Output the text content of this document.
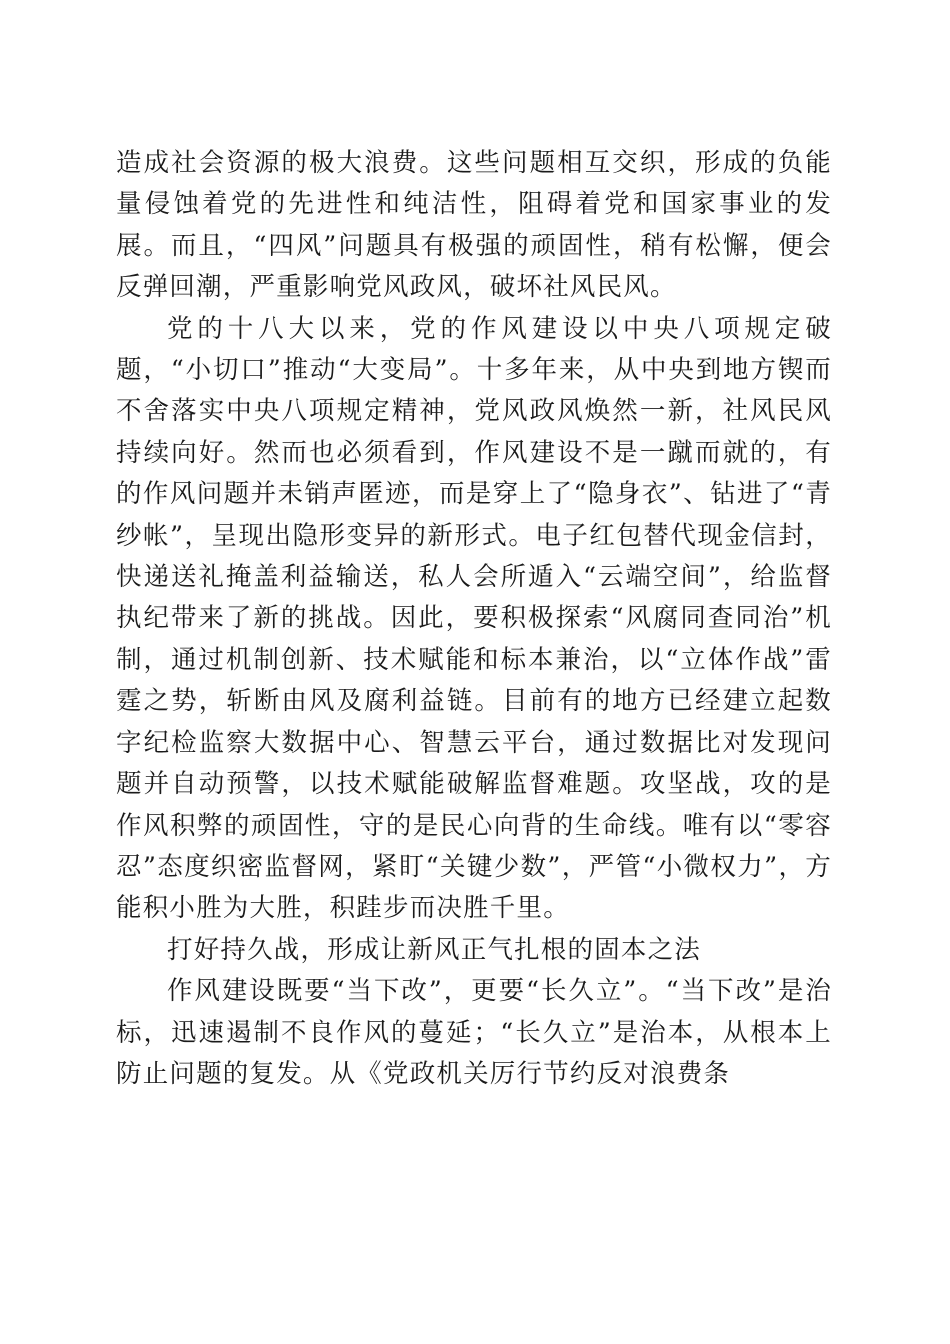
造成社会资源的极大浪费。这些问题相互交织，形成的负能量侵蚀着党的先进性和纯洁性，阻碍着党和国家事业的发展。而且，“四风”问题具有极强的顽固性，稍有松懈，便会反弹回潮，严重影响党风政风，破坏社风民风。

党的十八大以来，党的作风建设以中央八项规定破题，“小切口”推动“大变局”。十多年来，从中央到地方锲而不舍落实中央八项规定精神，党风政风焕然一新，社风民风持续向好。然而也必须看到，作风建设不是一蹴而就的，有的作风问题并未销声匿迹，而是穿上了“隐身衣”、钻进了“青纱帐”，呈现出隐形变异的新形式。电子红包替代现金信封，快递送礼掩盖利益输送，私人会所遁入“云端空间”，给监督执纪带来了新的挑战。因此，要积极探索“风腐同查同治”机制，通过机制创新、技术赋能和标本兼治，以“立体作战”雷霆之势，斩断由风及腐利益链。目前有的地方已经建立起数字纪检监察大数据中心、智慧云平台，通过数据比对发现问题并自动预警，以技术赋能破解监督难题。攻坚战，攻的是作风积弊的顽固性，守的是民心向背的生命线。唯有以“零容忍”态度织密监督网，紧盯“关键少数”，严管“小微权力”，方能积小胜为大胜，积跬步而决胜千里。

打好持久战，形成让新风正气扎根的固本之法

作风建设既要“当下改”，更要“长久立”。“当下改”是治标，迅速遏制不良作风的蔓延；“长久立”是治本，从根本上防止问题的复发。从《党政机关厉行节约反对浪费条
